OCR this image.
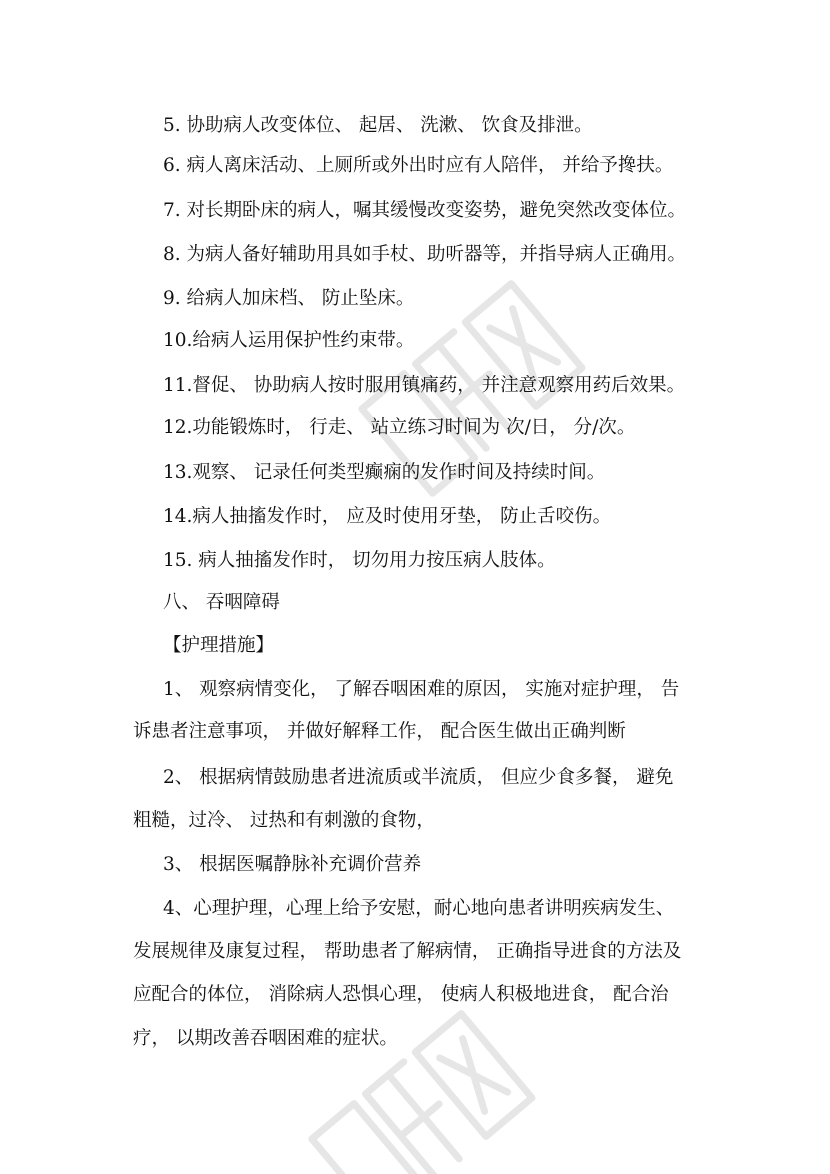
5. 协助病人改变体位、 起居、 洗漱、 饮食及排泄。
6. 病人离床活动、上厕所或外出时应有人陪伴， 并给予搀扶。
7. 对长期卧床的病人，嘱其缓慢改变姿势，避免突然改变体位。
8. 为病人备好辅助用具如手杖、助听器等，并指导病人正确用。
9. 给病人加床档、 防止坠床。
10.给病人运用保护性约束带。
11.督促、 协助病人按时服用镇痛药， 并注意观察用药后效果。
12.功能锻炼时， 行走、 站立练习时间为 次/日， 分/次。
13.观察、 记录任何类型癫痫的发作时间及持续时间。
14.病人抽搐发作时， 应及时使用牙垫， 防止舌咬伤。
15. 病人抽搐发作时， 切勿用力按压病人肢体。
八、 吞咽障碍
【护理措施】
1、 观察病情变化， 了解吞咽困难的原因， 实施对症护理， 告
诉患者注意事项， 并做好解释工作， 配合医生做出正确判断
2、 根据病情鼓励患者进流质或半流质， 但应少食多餐， 避免
粗糙，过冷、 过热和有刺激的食物，
3、 根据医嘱静脉补充调价营养
4、心理护理，心理上给予安慰，耐心地向患者讲明疾病发生、
发展规律及康复过程， 帮助患者了解病情， 正确指导进食的方法及
应配合的体位， 消除病人恐惧心理， 使病人积极地进食， 配合治
疗， 以期改善吞咽困难的症状。
